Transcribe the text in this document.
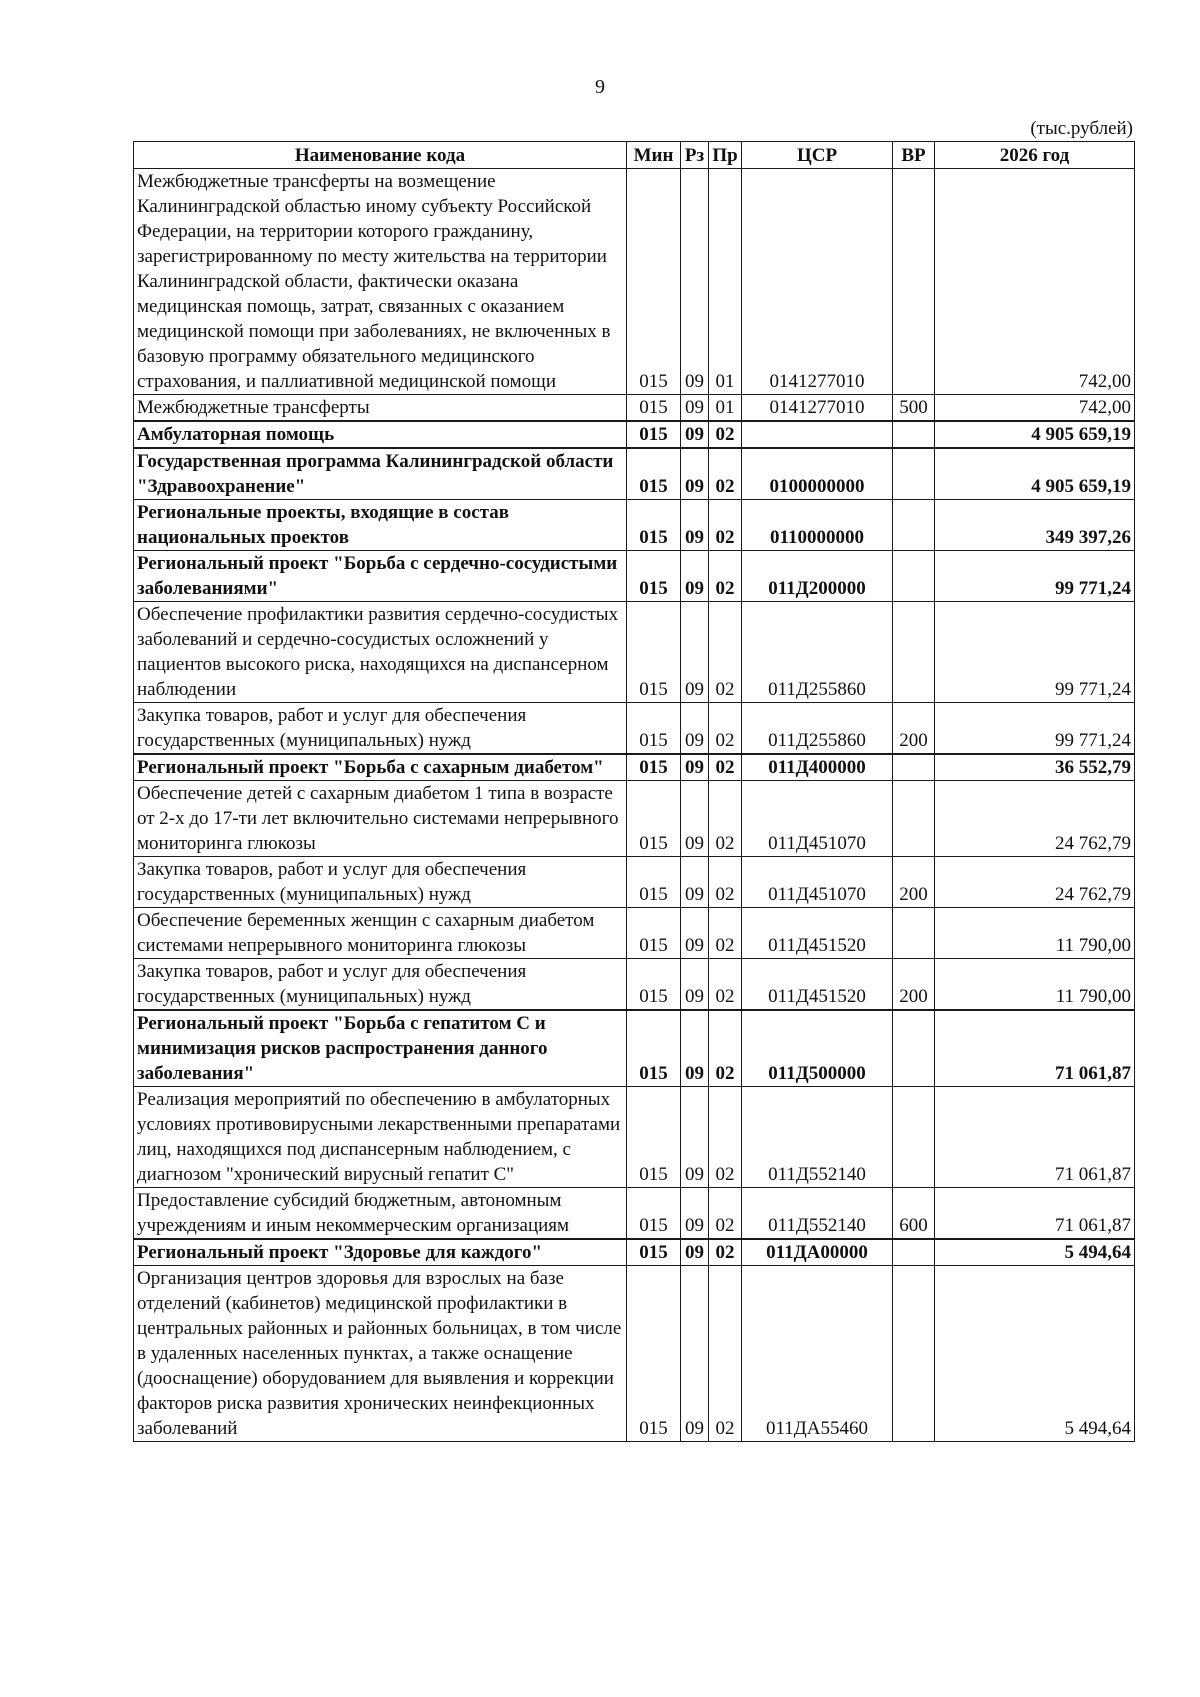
9
(тыс.рублей)
Наименование кода	Мин	Рз	Пр	ЦСР	ВР	2026 год
Межбюджетные трансферты на возмещение Калининградской областью иному субъекту Российской Федерации, на территории которого гражданину, зарегистрированному по месту жительства на территории Калининградской области, фактически оказана медицинская помощь, затрат, связанных с оказанием медицинской помощи при заболеваниях, не включенных в базовую программу обязательного медицинского страхования, и паллиативной медицинской помощи	015	09	01	0141277010		742,00
Межбюджетные трансферты	015	09	01	0141277010	500	742,00
Амбулаторная помощь	015	09	02			4 905 659,19
Государственная программа Калининградской области "Здравоохранение"	015	09	02	0100000000		4 905 659,19
Региональные проекты, входящие в состав национальных проектов	015	09	02	0110000000		349 397,26
Региональный проект "Борьба с сердечно-сосудистыми заболеваниями"	015	09	02	011Д200000		99 771,24
Обеспечение профилактики развития сердечно-сосудистых заболеваний и сердечно-сосудистых осложнений у пациентов высокого риска, находящихся на диспансерном наблюдении	015	09	02	011Д255860		99 771,24
Закупка товаров, работ и услуг для обеспечения государственных (муниципальных) нужд	015	09	02	011Д255860	200	99 771,24
Региональный проект "Борьба с сахарным диабетом"	015	09	02	011Д400000		36 552,79
Обеспечение детей с сахарным диабетом 1 типа в возрасте от 2-х до 17-ти лет включительно системами непрерывного мониторинга глюкозы	015	09	02	011Д451070		24 762,79
Закупка товаров, работ и услуг для обеспечения государственных (муниципальных) нужд	015	09	02	011Д451070	200	24 762,79
Обеспечение беременных женщин с сахарным диабетом системами непрерывного мониторинга глюкозы	015	09	02	011Д451520		11 790,00
Закупка товаров, работ и услуг для обеспечения государственных (муниципальных) нужд	015	09	02	011Д451520	200	11 790,00
Региональный проект "Борьба с гепатитом С и минимизация рисков распространения данного заболевания"	015	09	02	011Д500000		71 061,87
Реализация мероприятий по обеспечению в амбулаторных условиях противовирусными лекарственными препаратами лиц, находящихся под диспансерным наблюдением, с диагнозом "хронический вирусный гепатит С"	015	09	02	011Д552140		71 061,87
Предоставление субсидий бюджетным, автономным учреждениям и иным некоммерческим организациям	015	09	02	011Д552140	600	71 061,87
Региональный проект "Здоровье для каждого"	015	09	02	011ДА00000		5 494,64
Организация центров здоровья для взрослых на базе отделений (кабинетов) медицинской профилактики в центральных районных и районных больницах, в том числе в удаленных населенных пунктах, а также оснащение (дооснащение) оборудованием для выявления и коррекции факторов риска развития хронических неинфекционных заболеваний	015	09	02	011ДА55460		5 494,64
